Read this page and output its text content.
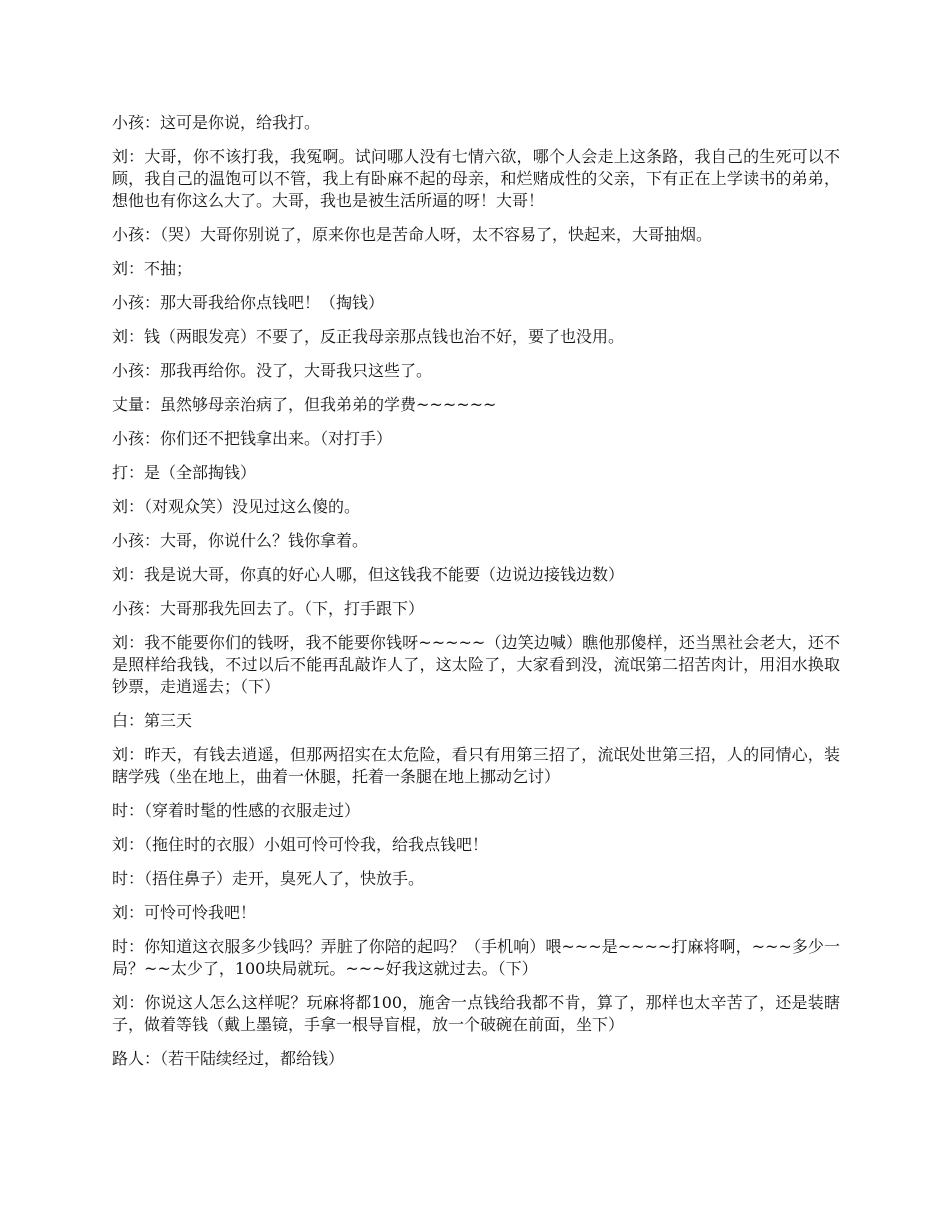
小孩：这可是你说，给我打。

刘：大哥，你不该打我，我冤啊。试问哪人没有七情六欲，哪个人会走上这条路，我自己的生死可以不顾，我自己的温饱可以不管，我上有卧麻不起的母亲，和烂赌成性的父亲，下有正在上学读书的弟弟，想他也有你这么大了。大哥，我也是被生活所逼的呀！大哥！

小孩：（哭）大哥你别说了，原来你也是苦命人呀，太不容易了，快起来，大哥抽烟。

刘：不抽；

小孩：那大哥我给你点钱吧！（掏钱）

刘：钱（两眼发亮）不要了，反正我母亲那点钱也治不好，要了也没用。

小孩：那我再给你。没了，大哥我只这些了。

丈量：虽然够母亲治病了，但我弟弟的学费~~~~~~

小孩：你们还不把钱拿出来。（对打手）

打：是（全部掏钱）

刘：（对观众笑）没见过这么傻的。

小孩：大哥，你说什么？钱你拿着。

刘：我是说大哥，你真的好心人哪，但这钱我不能要（边说边接钱边数）

小孩：大哥那我先回去了。（下，打手跟下）

刘：我不能要你们的钱呀，我不能要你钱呀~~~~~（边笑边喊）瞧他那傻样，还当黑社会老大，还不是照样给我钱，不过以后不能再乱敲诈人了，这太险了，大家看到没，流氓第二招苦肉计，用泪水换取钞票，走逍遥去；（下）

白：第三天

刘：昨天，有钱去逍遥，但那两招实在太危险，看只有用第三招了，流氓处世第三招，人的同情心，装瞎学残（坐在地上，曲着一休腿，托着一条腿在地上挪动乞讨）

时：（穿着时髦的性感的衣服走过）

刘：（拖住时的衣服）小姐可怜可怜我，给我点钱吧！

时：（捂住鼻子）走开，臭死人了，快放手。

刘：可怜可怜我吧！

时：你知道这衣服多少钱吗？弄脏了你陪的起吗？（手机响）喂~~~是~~~~打麻将啊，~~~多少一局？~~太少了，100块局就玩。~~~好我这就过去。（下）

刘：你说这人怎么这样呢？玩麻将都100，施舍一点钱给我都不肯，算了，那样也太辛苦了，还是装瞎子，做着等钱（戴上墨镜，手拿一根导盲棍，放一个破碗在前面，坐下）

路人：（若干陆续经过，都给钱）
